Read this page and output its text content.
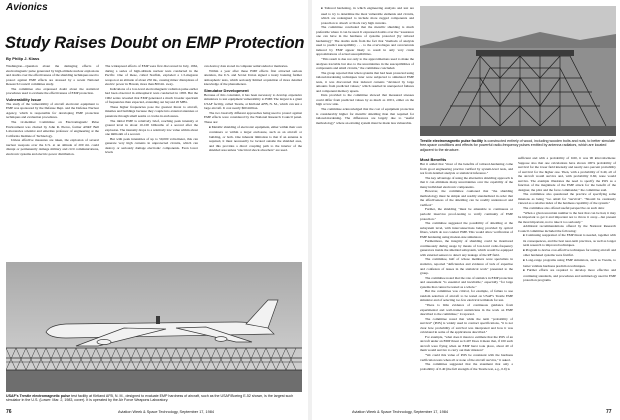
Avionics
Study Raises Doubt on EMP Protection
By Philip J. Klass

Washington—Question about the damaging effects of electromagnetic pulse generated by high-altitude nuclear explosions and doubts over the effectiveness of the shielding techniques used to protect against EMP effects are stressed by a recent National Research Council committee study.

The committee also expressed doubt about the statistical procedures used to evaluate the effectiveness of EMP protection.

Vulnerability Issue

The study of the vulnerability of aircraft electronic equipment to EMP was sponsored by the Defense Dept. and the Defense Nuclear Agency, which is responsible for developing EMP protection techniques and evaluation procedures.

The 12-member Committee on Electromagnetic Pulse Environment was chaired by John R. Pierce, former AT&T Bell Laboratories scientist and emeritus professor of engineering at the California Institute of Technology.

Unless effective measures are taken, the explosion of several nuclear weapons over the U.S. at an altitude of 200 mi. could disrupt or permanently damage military and civil communications, electronic systems and electric-power distribution.

The widespread effects of EMP were first discovered in July, 1962, during a series of high-altitude nuclear tests conducted in the Pacific. One of these, called Starfish, exploded a 1.5-megaton weapon at an altitude of about 250 mi., causing minor disruptions of electric power in Hawaii, more than 800 mi. away.

Indications of a low-level electromagnetic radiation pulse earlier had been observed in atmospheric tests conducted in 1958. But the 1962 series revealed that EMP generated a much broader spectrum of frequencies than expected, extending out beyond 20 MHz.

These higher frequencies pose the greatest threat to aircraft, missiles and buildings because they couple into external antennas or penetrate through small seams or cracks in enclosures.

The initial EMP is relatively brief, reaching peak intensity at ground level in about 10-100 billionths of a second after the explosion. The intensity drops to a relatively low value within about one millionth of a second.

But with peak intensities of up to 50,000 volts/meter, this can generate very high currents in unprotected circuits, which can destroy or seriously damage electronic components. Even lower levels

can destroy data stored in computer semiconductor memories.

Within a year after these EMP effects first attracted serious attention, the U.S. and Soviet Union signed a treaty banning further atmospheric tests, which seriously limited acquisition of more detailed knowledge of the phenomenon.

Simulator Development

Because of this constraint, it has been necessary to develop expensive simulators to test equipment vulnerability to EMP. The largest is a giant USAF facility, called Trestle, at Kirtland AFB, N. M., which can test a large aircraft. It cost nearly $60 million.

The two basically different approaches being used to protect against EMP effects were considered by the National Research Council panel. These are:

■ Metallic shielding of electronic equipment, either within their own containers or within a larger enclosure, such as an aircraft or building, or both. One inherent limitation is that if an antenna is required, it must necessarily be located outside the shielded area, and this provides a direct coupling path to the interior of the shielded area unless "electrical shock absorbers" are used.
USAF's Trestle electromagnetic pulse test facility at Kirtland AFB, N. M., designed to evaluate EMP hardness of aircraft, such as the USAF/Boeing E-52 shown, is the largest such simulator in the U.S. (Lower: Mar. 2, 1983, cover). It is operated by the Air Force Weapons Laboratory.
76	Aviation Week & Space Technology, September 17, 1984
■ Tailored hardening, in which engineering analysis and test are used to try to determine the most vulnerable elements and circuits, which are redesigned to include more rugged components and protection to absorb or block very high currents.

The committee concluded that the metallic shielding is much preferable where it can be used. It expressed doubts over the "assurance one can have in the hardness of systems protected [by tailored hardening]." The doubts stem from the fact that "methods of analysis used to predict susceptibility . . . to the overvoltages and overcurrents induced by EMP appear likely to result in only very crude approximations of actual susceptibilities.

"This result is due not only to the approximations used to make the analyses tractable but also to the uncertainties in the susceptibilities of components and small circuits," the committee concluded.

The group reported that when systems that had been protected using tailored-hardening techniques later were subjected to simulated EMP tests, it was discovered that induced currents "deviated by large amounts from predicted values," which resulted in unexpected failures and component memory upsets.

Data provided to the committee showed that measured stresses could differ from predicted values by as much as 100:1, either on the high or low side.

The committee acknowledged that the cost of equipment protection is considerably higher for metallic shielding than that required for tailored-hardening. The differences are largely due to "useful methodology" where an existing system must be made less vulnerable.

Trestle electromagnetic pulse facility is constructed entirely of wood, including wooden bolts and nuts, to better simulate free-space conditions and effects for powerful radio-frequency pulses emitted by antenna radiators, which are located adjacent to the structure.
Most Benefits

But it added that "most of the benefits of tailored-hardening come from good engineering practice verified by system-level tests, and not from detailed analysis or statistical inference."

The key advantage of using the alternative shielding approach is that it can eliminate many uncertainties over the capability of the many individual electronic components.

However, the committee cautioned that "the shielding methodology must be simple and readily standardized in order that the effectiveness of the shielding can be readily understood and verified."

Further, the shielding "must be amenable to continuous or periodic inservice proof-testing to verify continuity of EMP protection."

The committee suggested the possibility of shielding at the subsystem level, with interconnections being provided by optical fibers, which do not conduct EMP. This would allow verification of EMP hardening using modest-size simulators.

Furthermore, the integrity of shielding could be monitored continuously during usage by means of low-level radio-frequency generators inside the shielded subsystem, which would be equipped with external sensors to detect any leakage of the RF field.

The committee, half of whose members were specialists in statistics, reported "deficiencies and evidence of lack of expertise and confusion of issues in the statistical work" presented to the group.

The committee noted that the role of statistics in EMP protection and assessment "is essential and inevitable," especially "for large systems that cannot be tested as a whole."

But the committee was critical, for example, of failure to use random selection of aircraft to be tested on USAF's Trestle EMP simulator and of selecting too few electrical terminals for test.

"There is little evidence of continuous guidance from experimental and well-trained statisticians in the work on EMP described to the committee," it reported.

The committee noted that while the term "probability of survival" (POS) is widely used in contract specifications, "it is not clear how probability of survival was interpreted and how it was calculated in some of the applications described."

For example, "what does it mean to estimate that the POS of an aircraft under an EMP threat as 0.40? Does it mean that, if 100 such aircraft were flying when an EMP burst took place, about 40 of them would survive to carry out their mission?

"We could this value of POS be consistent with the hardness verification tests when all or none of the aircraft survive," it asked.

The committee suggested that the statement that only a probability of 0.40 (the full strength of the Trestle test, e.g., 0.9) is

sufficient and with a probability of 0.60, it was 90 kilovolts/meter. Suppose also that one calculations have shown 100% probability of survival for the lower field intensity and nearly zero percent probability of survival for the higher one. Then, with a probability of 0.40, all of the aircraft would survive and, with probability 0.60, none would survive. The example illustrates the need to specify the POS as a function of the magnitude of the EMP attack for the benefit of the designer, the pilot and the force commander," the committee said.

The committee also questioned the practice of specifying some missions as being "too small for "survival". "Should be cautiously viewed as a relative index of the hardness capability of the system."

The committee also offered useful perspective on such data:

"When a given uncertain number is the best that can be had, it may be important to get it and important not to throw it away—but present the most important, not to take it too seriously."

Additional recommendations offered by the National Research Council committee included the following:

■ Continuing reappraisal of the EMP threat is needed, together with its consequences, and the best near-term practices, as well as longer term research to improved techniques.
■ Program to devise cost-effective techniques for testing aircraft and other hardened systems were fruitful.
■ Long-range programs using EMP simulators, such as Trestle, to better validate hardness prediction techniques.
■ Further efforts are required to develop more effective and continuing standards, and procedures and terminology used in EMP protection programs.
Aviation Week & Space Technology, September 17, 1984	77
